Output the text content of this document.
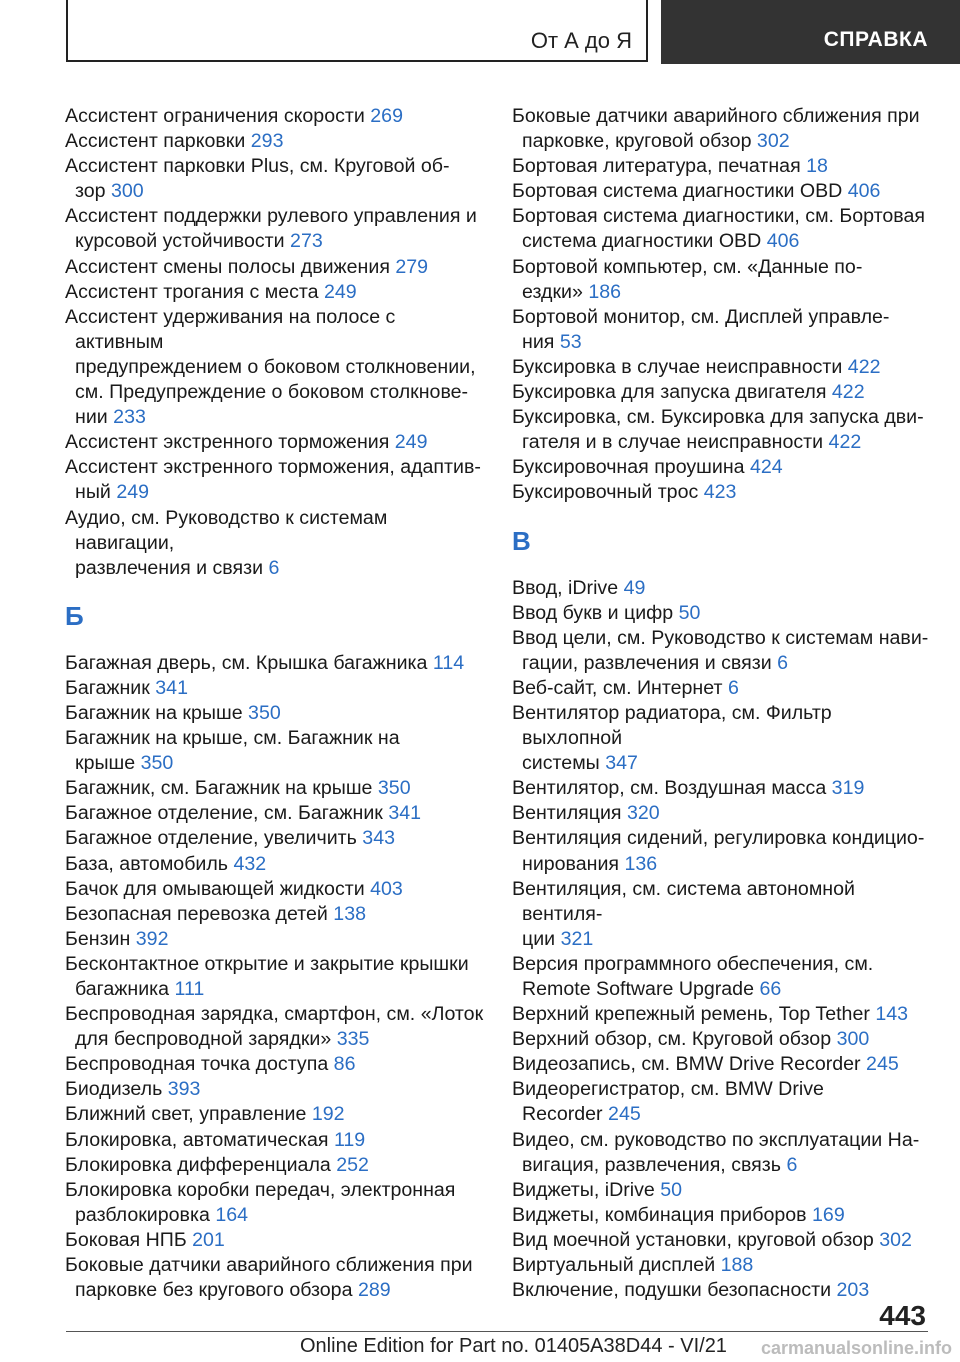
От А до Я	СПРАВКА

Ассистент ограничения скорости 269

Ассистент парковки 293

Ассистент парковки Plus, см. Круговой об-
зор 300

Ассистент поддержки рулевого управления и
курсовой устойчивости 273

Ассистент смены полосы движения 279

Ассистент трогания с места 249

Ассистент удерживания на полосе с активным
предупреждением о боковом столкновении,
см. Предупреждение о боковом столкнове-
нии 233

Ассистент экстренного торможения 249

Ассистент экстренного торможения, адаптив-
ный 249

Аудио, см. Руководство к системам навигации,
развлечения и связи 6

Б

Багажная дверь, см. Крышка багажника 114

Багажник 341

Багажник на крыше 350

Багажник на крыше, см. Багажник на
крыше 350

Багажник, см. Багажник на крыше 350

Багажное отделение, см. Багажник 341

Багажное отделение, увеличить 343

База, автомобиль 432

Бачок для омывающей жидкости 403

Безопасная перевозка детей 138

Бензин 392

Бесконтактное открытие и закрытие крышки
багажника 111

Беспроводная зарядка, смартфон, см. «Лоток
для беспроводной зарядки» 335

Беспроводная точка доступа 86

Биодизель 393

Ближний свет, управление 192

Блокировка, автоматическая 119

Блокировка дифференциала 252

Блокировка коробки передач, электронная
разблокировка 164

Боковая НПБ 201

Боковые датчики аварийного сближения при
парковке без кругового обзора 289

Боковые датчики аварийного сближения при
парковке, круговой обзор 302

Бортовая литература, печатная 18

Бортовая система диагностики OBD 406

Бортовая система диагностики, см. Бортовая
система диагностики OBD 406

Бортовой компьютер, см. «Данные по-
ездки» 186

Бортовой монитор, см. Дисплей управле-
ния 53

Буксировка в случае неисправности 422

Буксировка для запуска двигателя 422

Буксировка, см. Буксировка для запуска дви-
гателя и в случае неисправности 422

Буксировочная проушина 424

Буксировочный трос 423

В

Ввод, iDrive 49

Ввод букв и цифр 50

Ввод цели, см. Руководство к системам нави-
гации, развлечения и связи 6

Веб-сайт, см. Интернет 6

Вентилятор радиатора, см. Фильтр выхлопной
системы 347

Вентилятор, см. Воздушная масса 319

Вентиляция 320

Вентиляция сидений, регулировка кондицио-
нирования 136

Вентиляция, см. система автономной вентиля-
ции 321

Версия программного обеспечения, см.
Remote Software Upgrade 66

Верхний крепежный ремень, Top Tether 143

Верхний обзор, см. Круговой обзор 300

Видеозапись, см. BMW Drive Recorder 245

Видеорегистратор, см. BMW Drive
Recorder 245

Видео, см. руководство по эксплуатации На-
вигация, развлечения, связь 6

Виджеты, iDrive 50

Виджеты, комбинация приборов 169

Вид моечной установки, круговой обзор 302

Виртуальный дисплей 188

Включение, подушки безопасности 203

443
Online Edition for Part no. 01405A38D44 - VI/21 carmanualsonline.info
